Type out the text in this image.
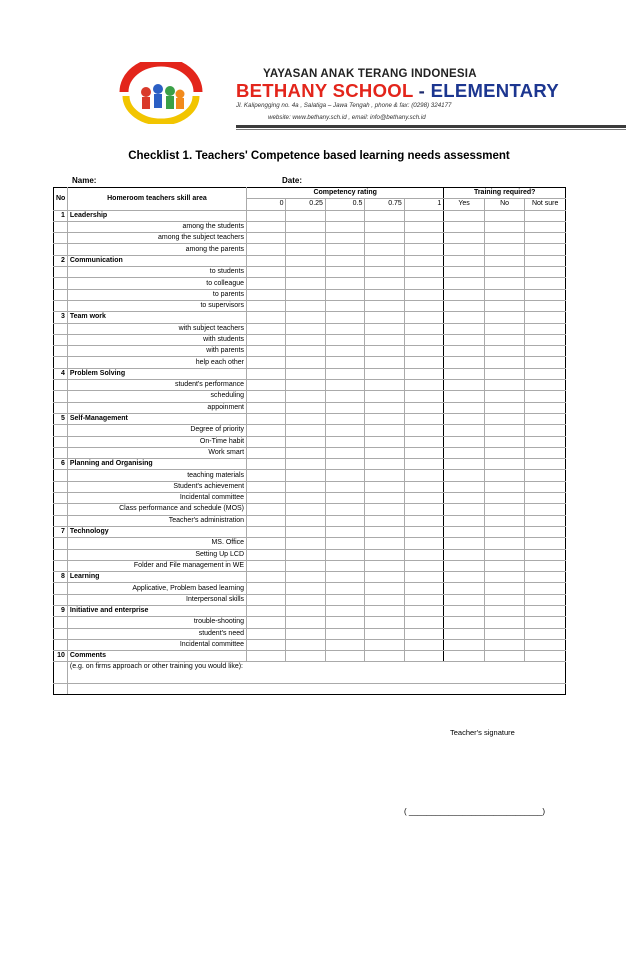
YAYASAN ANAK TERANG INDONESIA
BETHANY SCHOOL - ELEMENTARY
Jl. Kalipengging no. 4a , Salatiga – Jawa Tengah , phone & fax: (0298) 324177
website: www.bethany.sch.id , email: info@bethany.sch.id
Checklist 1. Teachers' Competence based learning needs assessment
Name:	Date:
No	Homeroom teachers skill area	Competency rating					Training required?		
		0	0.25	0.5	0.75	1	Yes	No	Not sure
1	Leadership								
	among the students								
	among the subject teachers								
	among the parents								
2	Communication								
	to students								
	to colleague								
	to parents								
	to supervisors								
3	Team work								
	with subject teachers								
	with students								
	with parents								
	help each other								
4	Problem Solving								
	student's performance								
	scheduling								
	appoinment								
5	Self-Management								
	Degree of priority								
	On-Time habit								
	Work smart								
6	Planning and Organising								
	teaching materials								
	Student's achievement								
	Incidental committee								
	Class performance and schedule (MOS)								
	Teacher's administration								
7	Technology								
	MS. Office								
	Setting Up LCD								
	Folder and File management in WE								
8	Learning								
	Applicative, Problem based learning								
	Interpersonal skills								
9	Initiative and enterprise								
	trouble-shooting								
	student's need								
	Incidental committee								
10	Comments								
	(e.g. on firms approach or other training you would like):								

Teacher's signature
( ______________________________)
